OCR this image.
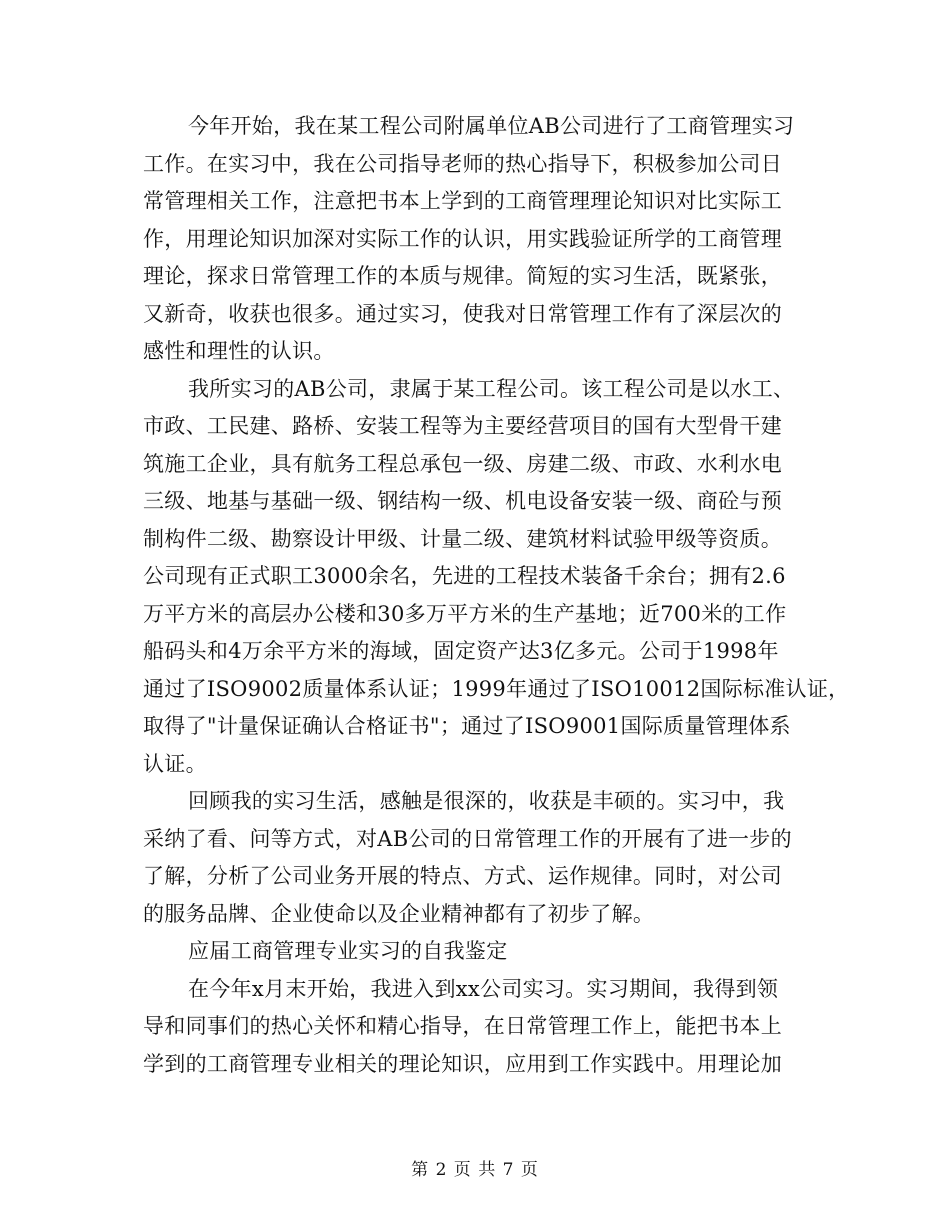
今年开始，我在某工程公司附属单位AB公司进行了工商管理实习
工作。在实习中，我在公司指导老师的热心指导下，积极参加公司日
常管理相关工作，注意把书本上学到的工商管理理论知识对比实际工
作，用理论知识加深对实际工作的认识，用实践验证所学的工商管理
理论，探求日常管理工作的本质与规律。简短的实习生活，既紧张，
又新奇，收获也很多。通过实习，使我对日常管理工作有了深层次的
感性和理性的认识。
我所实习的AB公司，隶属于某工程公司。该工程公司是以水工、
市政、工民建、路桥、安装工程等为主要经营项目的国有大型骨干建
筑施工企业，具有航务工程总承包一级、房建二级、市政、水利水电
三级、地基与基础一级、钢结构一级、机电设备安装一级、商砼与预
制构件二级、勘察设计甲级、计量二级、建筑材料试验甲级等资质。
公司现有正式职工3000余名，先进的工程技术装备千余台；拥有2.6
万平方米的高层办公楼和30多万平方米的生产基地；近700米的工作
船码头和4万余平方米的海域，固定资产达3亿多元。公司于1998年
通过了ISO9002质量体系认证；1999年通过了ISO10012国际标准认证，
取得了"计量保证确认合格证书"；通过了ISO9001国际质量管理体系
认证。
回顾我的实习生活，感触是很深的，收获是丰硕的。实习中，我
采纳了看、问等方式，对AB公司的日常管理工作的开展有了进一步的
了解，分析了公司业务开展的特点、方式、运作规律。同时，对公司
的服务品牌、企业使命以及企业精神都有了初步了解。
应届工商管理专业实习的自我鉴定
在今年x月末开始，我进入到xx公司实习。实习期间，我得到领
导和同事们的热心关怀和精心指导，在日常管理工作上，能把书本上
学到的工商管理专业相关的理论知识，应用到工作实践中。用理论加
第 2 页 共 7 页
